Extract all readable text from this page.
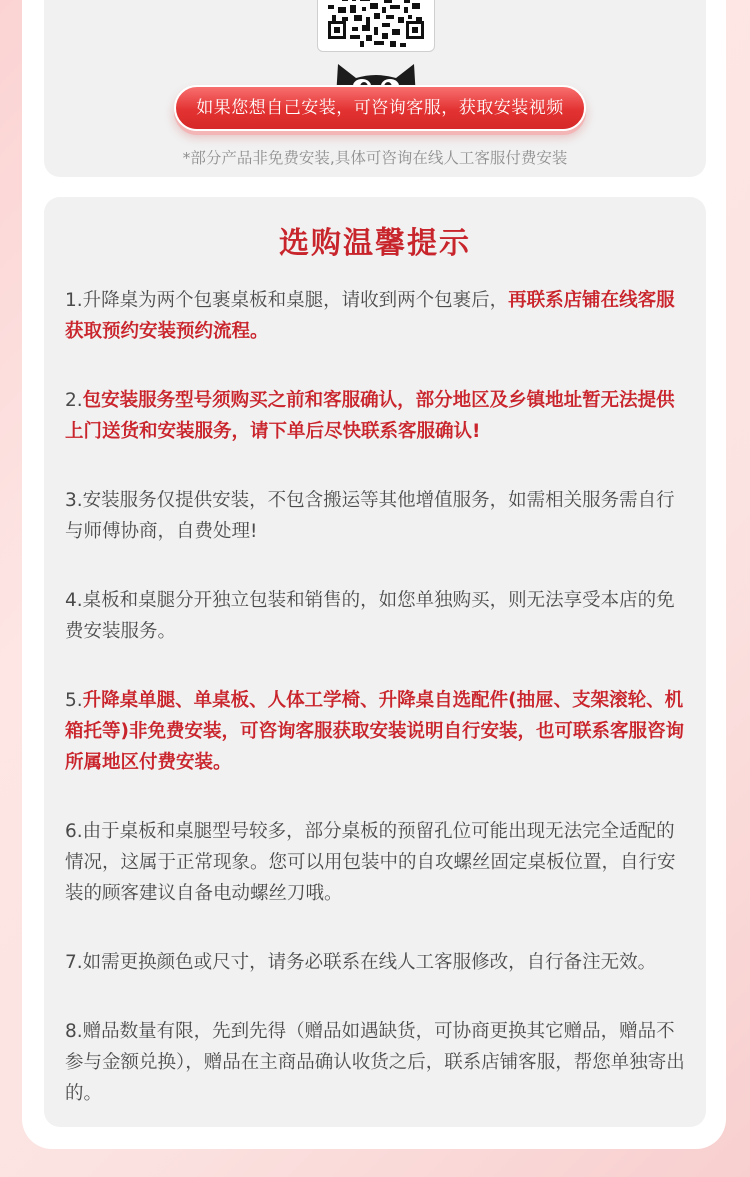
如果您想自己安装，可咨询客服，获取安装视频
*部分产品非免费安装,具体可咨询在线人工客服付费安装
选购温馨提示
1.升降桌为两个包裹桌板和桌腿，请收到两个包裹后，再联系店铺在线客服获取预约安装预约流程。
2.包安装服务型号须购买之前和客服确认，部分地区及乡镇地址暂无法提供上门送货和安装服务，请下单后尽快联系客服确认!
3.安装服务仅提供安装，不包含搬运等其他增值服务，如需相关服务需自行与师傅协商，自费处理!
4.桌板和桌腿分开独立包装和销售的，如您单独购买，则无法享受本店的免费安装服务。
5.升降桌单腿、单桌板、人体工学椅、升降桌自选配件(抽屉、支架滚轮、机箱托等)非免费安装，可咨询客服获取安装说明自行安装，也可联系客服咨询所属地区付费安装。
6.由于桌板和桌腿型号较多，部分桌板的预留孔位可能出现无法完全适配的情况，这属于正常现象。您可以用包装中的自攻螺丝固定桌板位置，自行安装的顾客建议自备电动螺丝刀哦。
7.如需更换颜色或尺寸，请务必联系在线人工客服修改，自行备注无效。
8.赠品数量有限，先到先得（赠品如遇缺货，可协商更换其它赠品，赠品不参与金额兑换），赠品在主商品确认收货之后，联系店铺客服，帮您单独寄出的。
